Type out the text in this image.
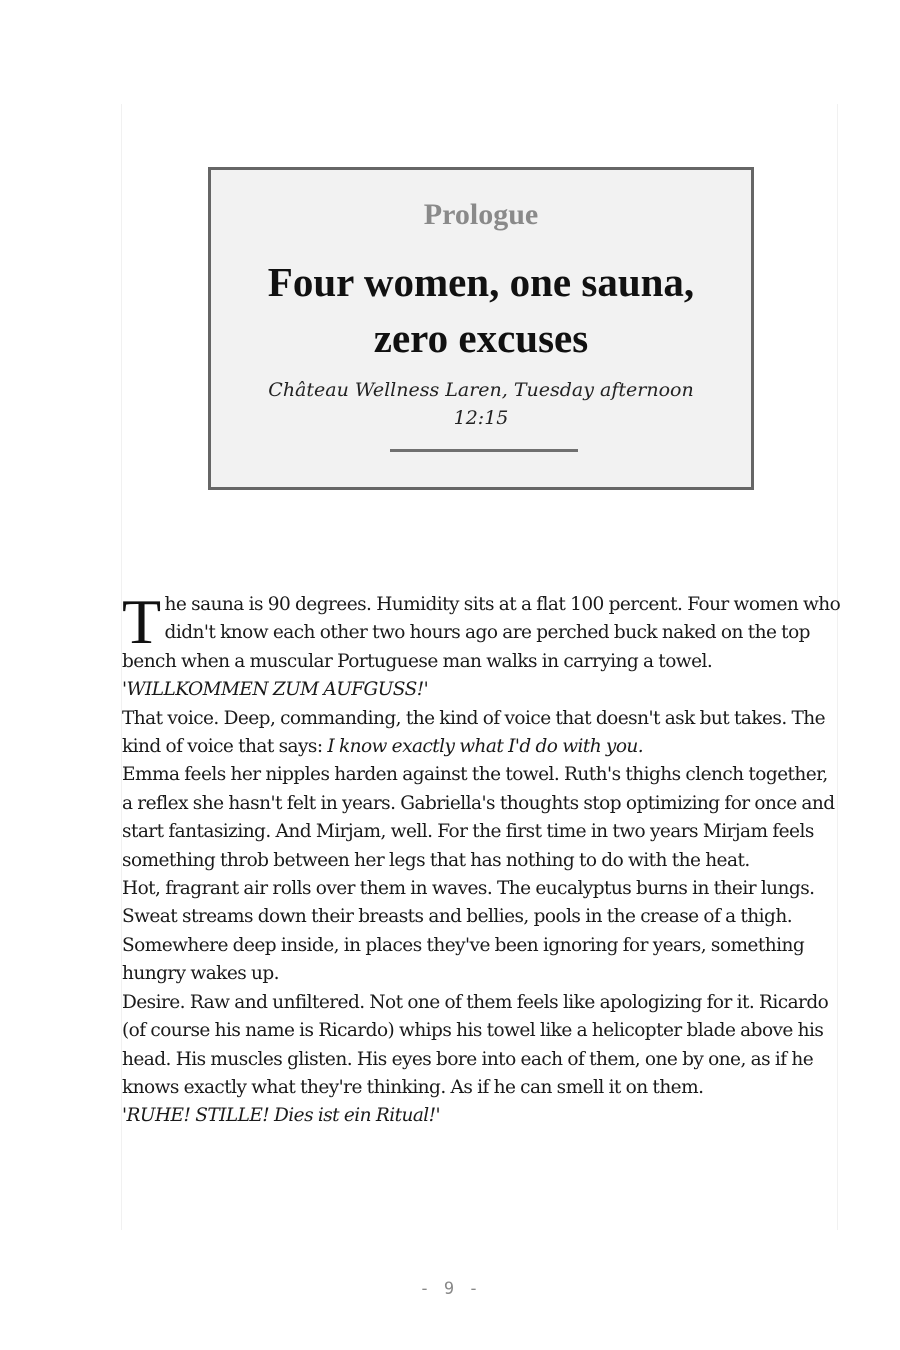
Prologue
Four women, one sauna, zero excuses
Château Wellness Laren, Tuesday afternoon
12:15

The sauna is 90 degrees. Humidity sits at a flat 100 percent. Four women who didn't know each other two hours ago are perched buck naked on the top bench when a muscular Portuguese man walks in carrying a towel.

'WILLKOMMEN ZUM AUFGUSS!'

That voice. Deep, commanding, the kind of voice that doesn't ask but takes. The kind of voice that says: I know exactly what I'd do with you.

Emma feels her nipples harden against the towel. Ruth's thighs clench together, a reflex she hasn't felt in years. Gabriella's thoughts stop optimizing for once and start fantasizing. And Mirjam, well. For the first time in two years Mirjam feels something throb between her legs that has nothing to do with the heat.

Hot, fragrant air rolls over them in waves. The eucalyptus burns in their lungs. Sweat streams down their breasts and bellies, pools in the crease of a thigh. Somewhere deep inside, in places they've been ignoring for years, something hungry wakes up.

Desire. Raw and unfiltered. Not one of them feels like apologizing for it. Ricardo (of course his name is Ricardo) whips his towel like a helicopter blade above his head. His muscles glisten. His eyes bore into each of them, one by one, as if he knows exactly what they're thinking. As if he can smell it on them.

'RUHE! STILLE! Dies ist ein Ritual!'

- 9 -
